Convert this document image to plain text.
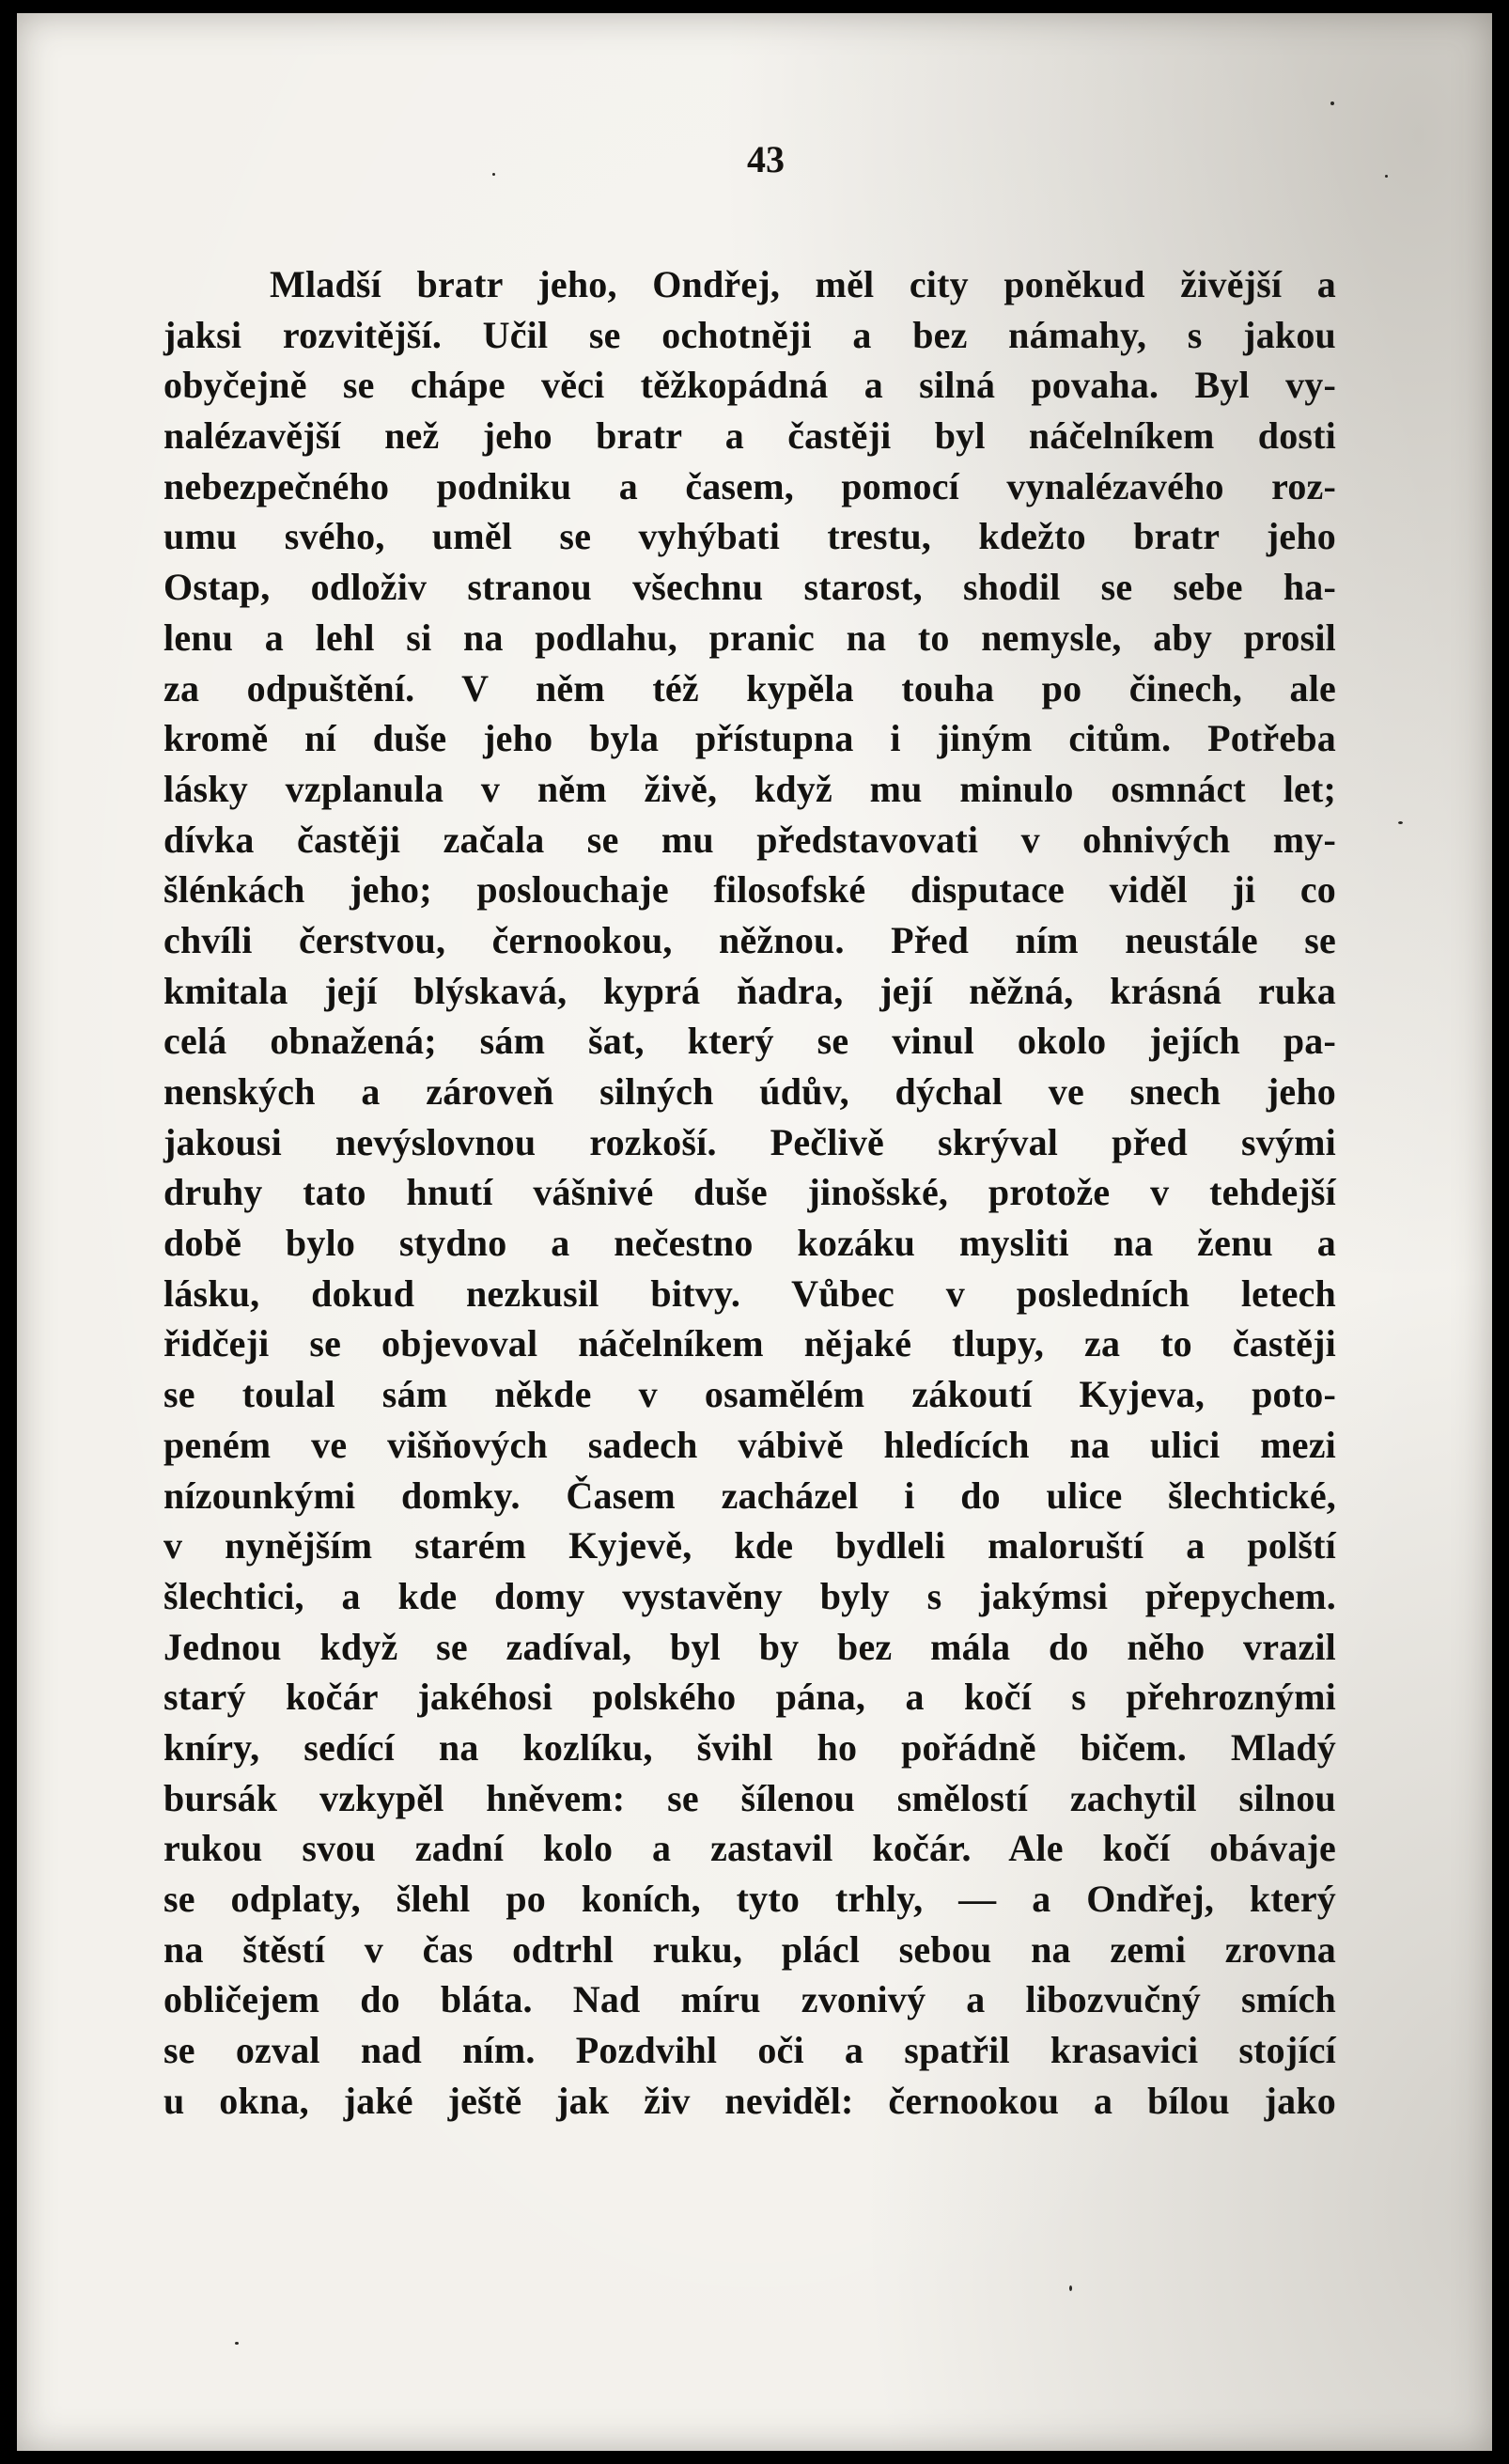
43
Mladší bratr jeho, Ondřej, měl city poněkud živější a
jaksi rozvitější. Učil se ochotněji a bez námahy, s jakou
obyčejně se chápe věci těžkopádná a silná povaha. Byl vy-
nalézavější než jeho bratr a častěji byl náčelníkem dosti
nebezpečného podniku a časem, pomocí vynalézavého roz-
umu svého, uměl se vyhýbati trestu, kdežto bratr jeho
Ostap, odloživ stranou všechnu starost, shodil se sebe ha-
lenu a lehl si na podlahu, pranic na to nemysle, aby prosil
za odpuštění. V něm též kypěla touha po činech, ale
kromě ní duše jeho byla přístupna i jiným citům. Potřeba
lásky vzplanula v něm živě, když mu minulo osmnáct let;
dívka častěji začala se mu představovati v ohnivých my-
šlénkách jeho; poslouchaje filosofské disputace viděl ji co
chvíli čerstvou, černookou, něžnou. Před ním neustále se
kmitala její blýskavá, kyprá ňadra, její něžná, krásná ruka
celá obnažená; sám šat, který se vinul okolo jejích pa-
nenských a zároveň silných údův, dýchal ve snech jeho
jakousi nevýslovnou rozkoší. Pečlivě skrýval před svými
druhy tato hnutí vášnivé duše jinošské, protože v tehdejší
době bylo stydno a nečestno kozáku mysliti na ženu a
lásku, dokud nezkusil bitvy. Vůbec v posledních letech
řidčeji se objevoval náčelníkem nějaké tlupy, za to častěji
se toulal sám někde v osamělém zákoutí Kyjeva, poto-
peném ve višňových sadech vábivě hledících na ulici mezi
nízounkými domky. Časem zacházel i do ulice šlechtické,
v nynějším starém Kyjevě, kde bydleli maloruští a polští
šlechtici, a kde domy vystavěny byly s jakýmsi přepychem.
Jednou když se zadíval, byl by bez mála do něho vrazil
starý kočár jakéhosi polského pána, a kočí s přehroznými
kníry, sedící na kozlíku, švihl ho pořádně bičem. Mladý
bursák vzkypěl hněvem: se šílenou smělostí zachytil silnou
rukou svou zadní kolo a zastavil kočár. Ale kočí obávaje
se odplaty, šlehl po koních, tyto trhly, — a Ondřej, který
na štěstí v čas odtrhl ruku, plácl sebou na zemi zrovna
obličejem do bláta. Nad míru zvonivý a libozvučný smích
se ozval nad ním. Pozdvihl oči a spatřil krasavici stojící
u okna, jaké ještě jak živ neviděl: černookou a bílou jako
